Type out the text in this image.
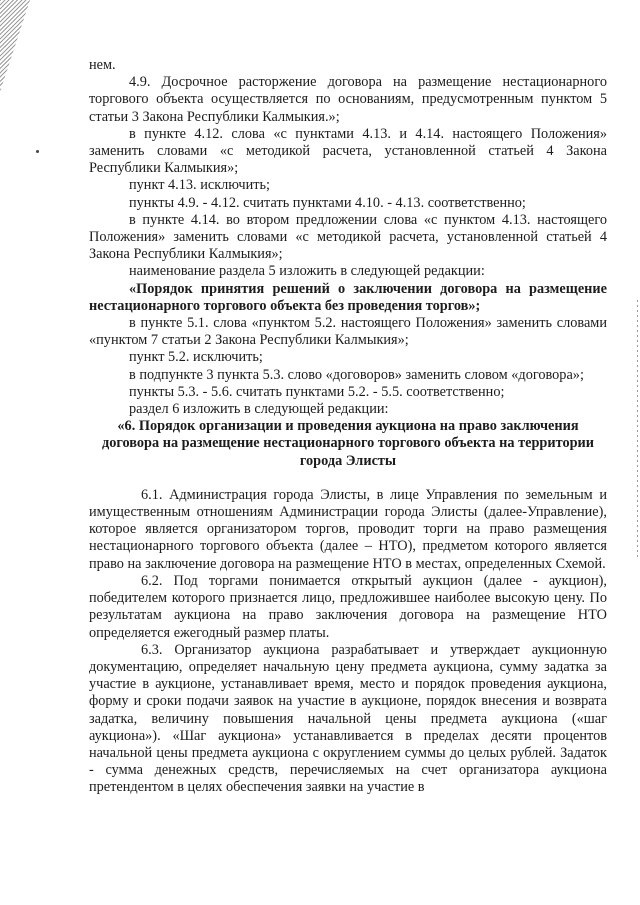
нем.

4.9. Досрочное расторжение договора на размещение нестационарного торгового объекта осуществляется по основаниям, предусмотренным пунктом 5 статьи 3 Закона Республики Калмыкия.»;

в пункте 4.12. слова «с пунктами 4.13. и 4.14. настоящего Положения» заменить словами «с методикой расчета, установленной статьей 4 Закона Республики Калмыкия»;

пункт 4.13. исключить;

пункты 4.9. - 4.12. считать пунктами 4.10. - 4.13. соответственно;

в пункте 4.14. во втором предложении слова «с пунктом 4.13. настоящего Положения» заменить словами «с методикой расчета, установленной статьей 4 Закона Республики Калмыкия»;

наименование раздела 5 изложить в следующей редакции:

«Порядок принятия решений о заключении договора на размещение нестационарного торгового объекта без проведения торгов»;

в пункте 5.1. слова «пунктом 5.2. настоящего Положения» заменить словами «пунктом 7 статьи 2 Закона Республики Калмыкия»;

пункт 5.2. исключить;

в подпункте 3 пункта 5.3. слово «договоров» заменить словом «договора»;

пункты 5.3. - 5.6. считать пунктами 5.2. - 5.5. соответственно;

раздел 6 изложить в следующей редакции:

«6. Порядок организации и проведения аукциона на право заключения договора на размещение нестационарного торгового объекта на территории города Элисты

6.1. Администрация города Элисты, в лице Управления по земельным и имущественным отношениям Администрации города Элисты (далее-Управление), которое является организатором торгов, проводит торги на право размещения нестационарного торгового объекта (далее – НТО), предметом которого является право на заключение договора на размещение НТО в местах, определенных Схемой.

6.2. Под торгами понимается открытый аукцион (далее - аукцион), победителем которого признается лицо, предложившее наиболее высокую цену. По результатам аукциона на право заключения договора на размещение НТО определяется ежегодный размер платы.

6.3. Организатор аукциона разрабатывает и утверждает аукционную документацию, определяет начальную цену предмета аукциона, сумму задатка за участие в аукционе, устанавливает время, место и порядок проведения аукциона, форму и сроки подачи заявок на участие в аукционе, порядок внесения и возврата задатка, величину повышения начальной цены предмета аукциона («шаг аукциона»). «Шаг аукциона» устанавливается в пределах десяти процентов начальной цены предмета аукциона с округлением суммы до целых рублей. Задаток - сумма денежных средств, перечисляемых на счет организатора аукциона претендентом в целях обеспечения заявки на участие в
